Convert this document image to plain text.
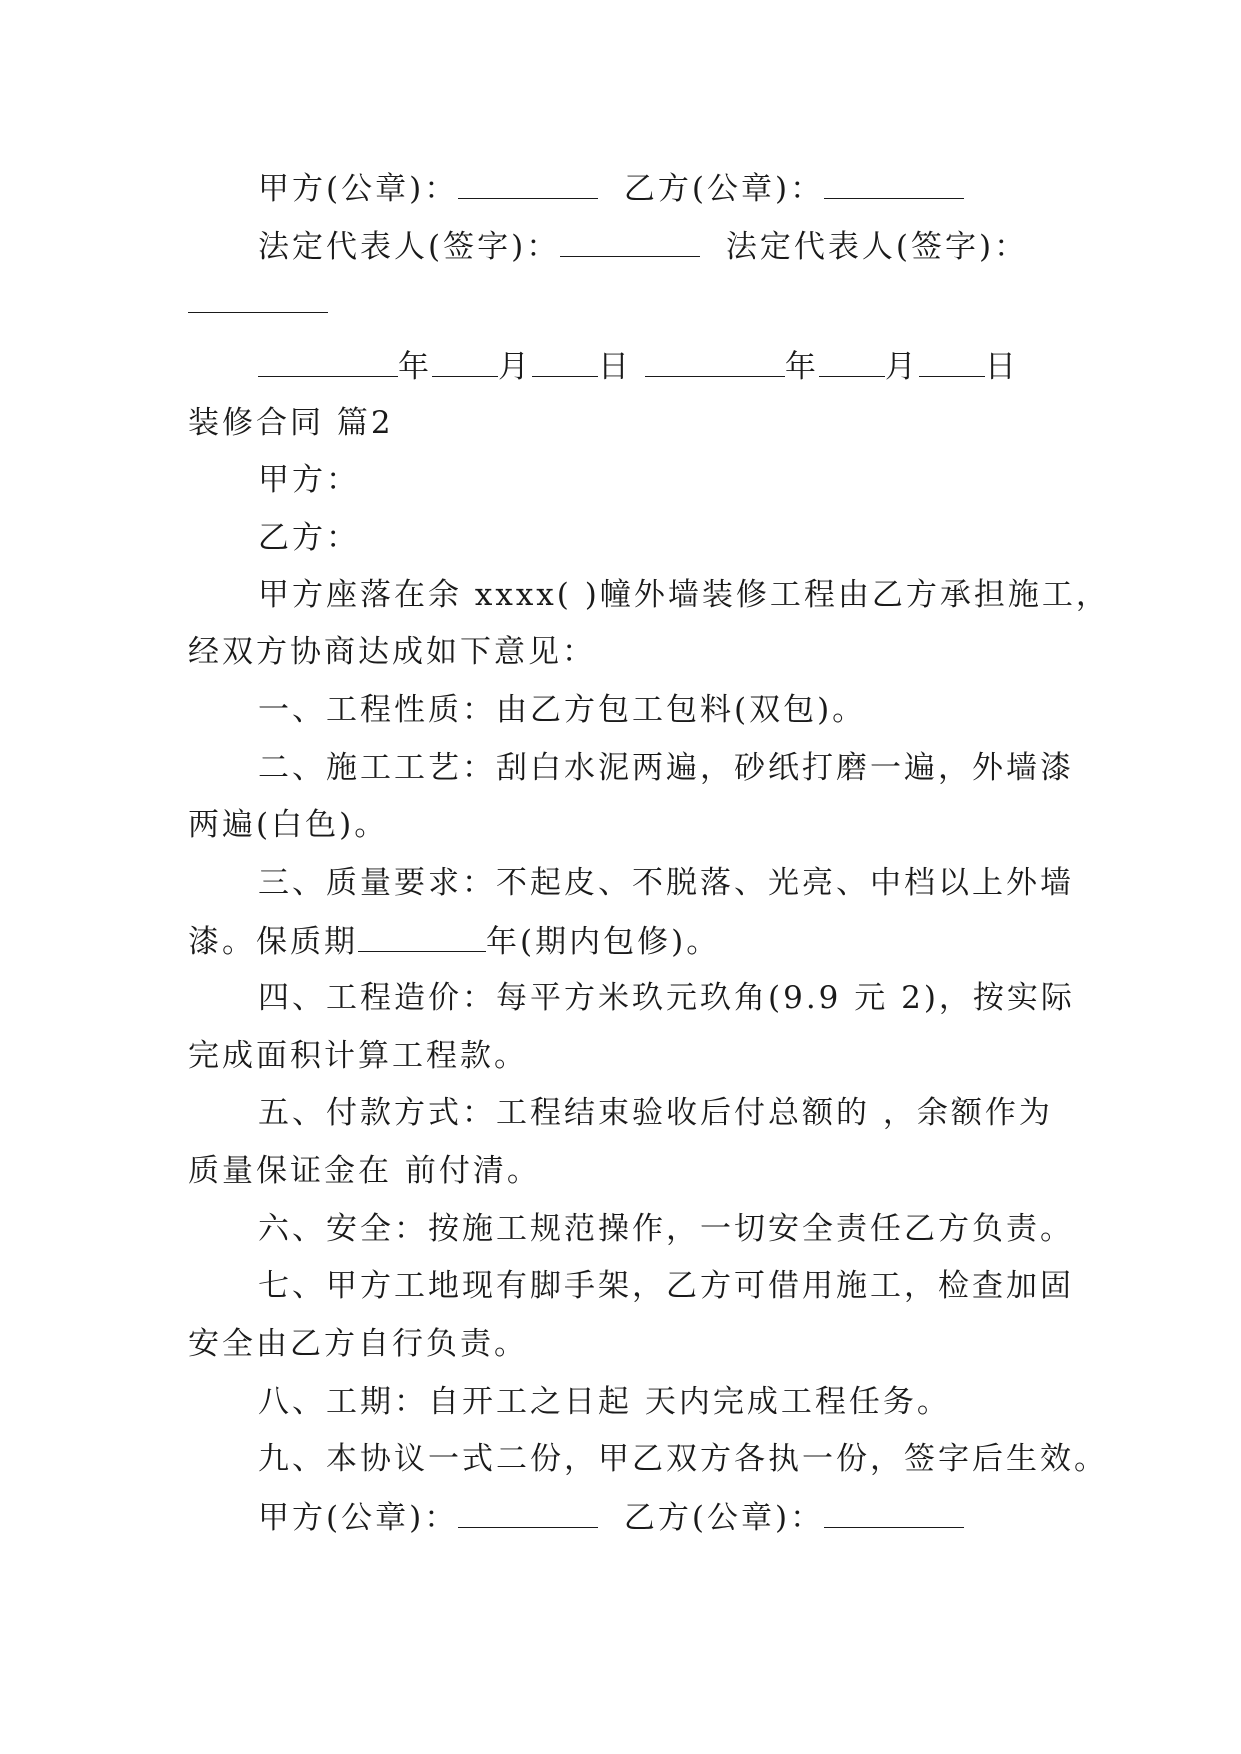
甲方(公章)：	乙方(公章)：
法定代表人(签字)：	法定代表人(签字)：
年 月 日	年 月 日
装修合同 篇2
甲方：
乙方：
甲方座落在余 xxxx( )幢外墙装修工程由乙方承担施工，
经双方协商达成如下意见：
一、工程性质：由乙方包工包料(双包)。
二、施工工艺：刮白水泥两遍，砂纸打磨一遍，外墙漆
两遍(白色)。
三、质量要求：不起皮、不脱落、光亮、中档以上外墙
漆。保质期	年(期内包修)。
四、工程造价：每平方米玖元玖角(9.9 元 2)，按实际
完成面积计算工程款。
五、付款方式：工程结束验收后付总额的 ，余额作为
质量保证金在 前付清。
六、安全：按施工规范操作，一切安全责任乙方负责。
七、甲方工地现有脚手架，乙方可借用施工，检查加固
安全由乙方自行负责。
八、工期：自开工之日起 天内完成工程任务。
九、本协议一式二份，甲乙双方各执一份，签字后生效。
甲方(公章)：	乙方(公章)：
